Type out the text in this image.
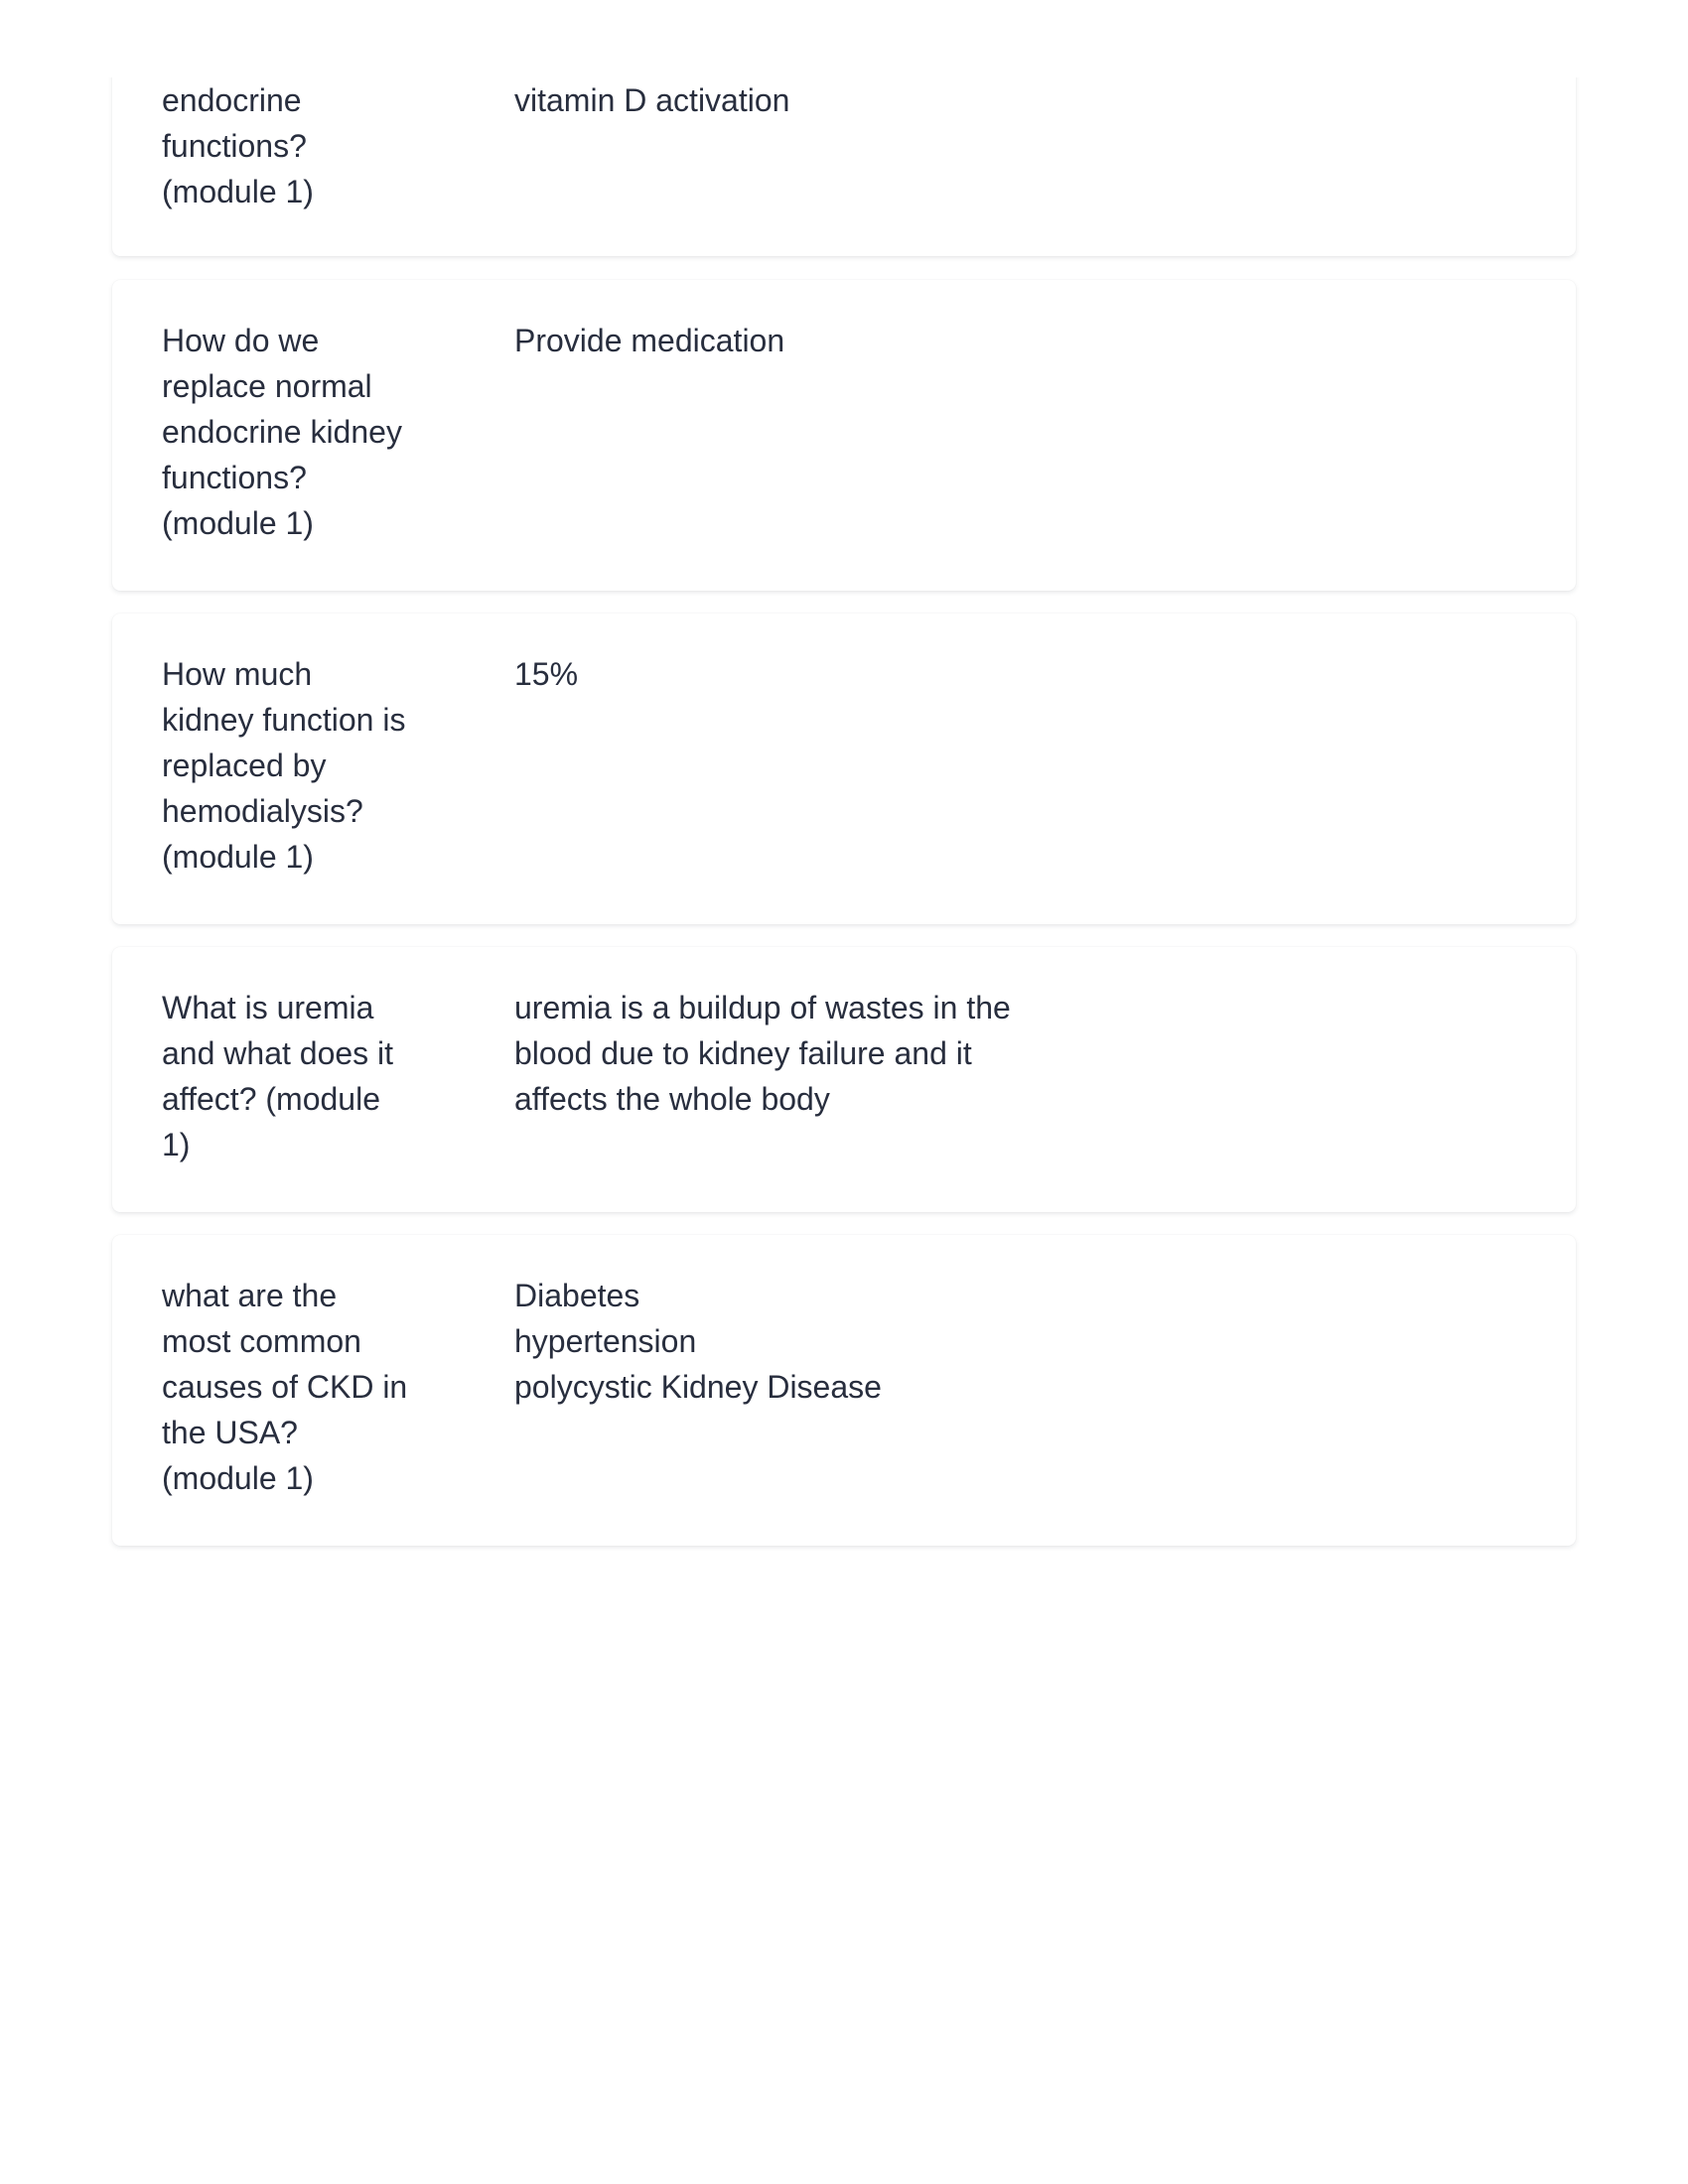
endocrine
functions?
(module 1)
vitamin D activation
How do we
replace normal
endocrine kidney
functions?
(module 1)
Provide medication
How much
kidney function is
replaced by
hemodialysis?
(module 1)
15%
What is uremia
and what does it
affect? (module
1)
uremia is a buildup of wastes in the
blood due to kidney failure and it
affects the whole body
what are the
most common
causes of CKD in
the USA?
(module 1)
Diabetes
hypertension
polycystic Kidney Disease
